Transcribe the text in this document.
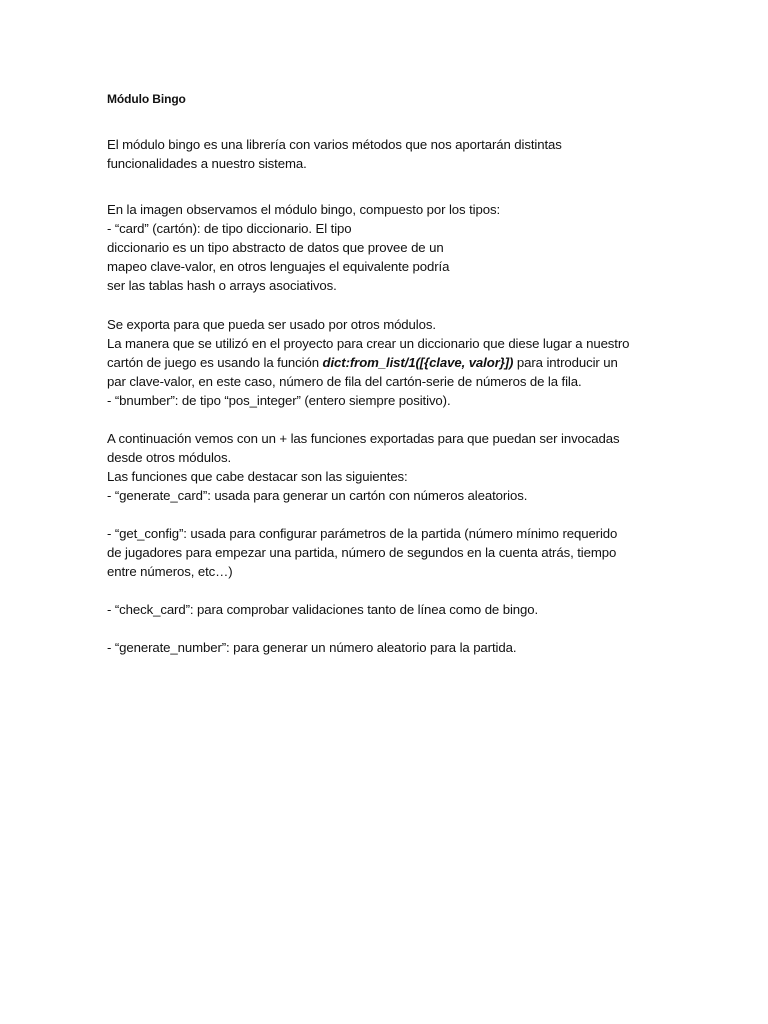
Módulo Bingo

El módulo bingo es una librería con varios métodos que nos aportarán distintas
funcionalidades a nuestro sistema.

En la imagen observamos el módulo bingo, compuesto por los tipos:
- “card” (cartón): de tipo diccionario. El tipo
diccionario es un tipo abstracto de datos que provee de un
mapeo clave-valor, en otros lenguajes el equivalente podría
ser las tablas hash o arrays asociativos.

Se exporta para que pueda ser usado por otros módulos.
La manera que se utilizó en el proyecto para crear un diccionario que diese lugar a nuestro
cartón de juego es usando la función dict:from_list/1([{clave, valor}]) para introducir un
par clave-valor, en este caso, número de fila del cartón-serie de números de la fila.
- “bnumber”: de tipo “pos_integer” (entero siempre positivo).

A continuación vemos con un + las funciones exportadas para que puedan ser invocadas
desde otros módulos.
Las funciones que cabe destacar son las siguientes:
- “generate_card”: usada para generar un cartón con números aleatorios.

- “get_config”: usada para configurar parámetros de la partida (número mínimo requerido
de jugadores para empezar una partida, número de segundos en la cuenta atrás, tiempo
entre números, etc…)

- “check_card”: para comprobar validaciones tanto de línea como de bingo.

- “generate_number”: para generar un número aleatorio para la partida.
